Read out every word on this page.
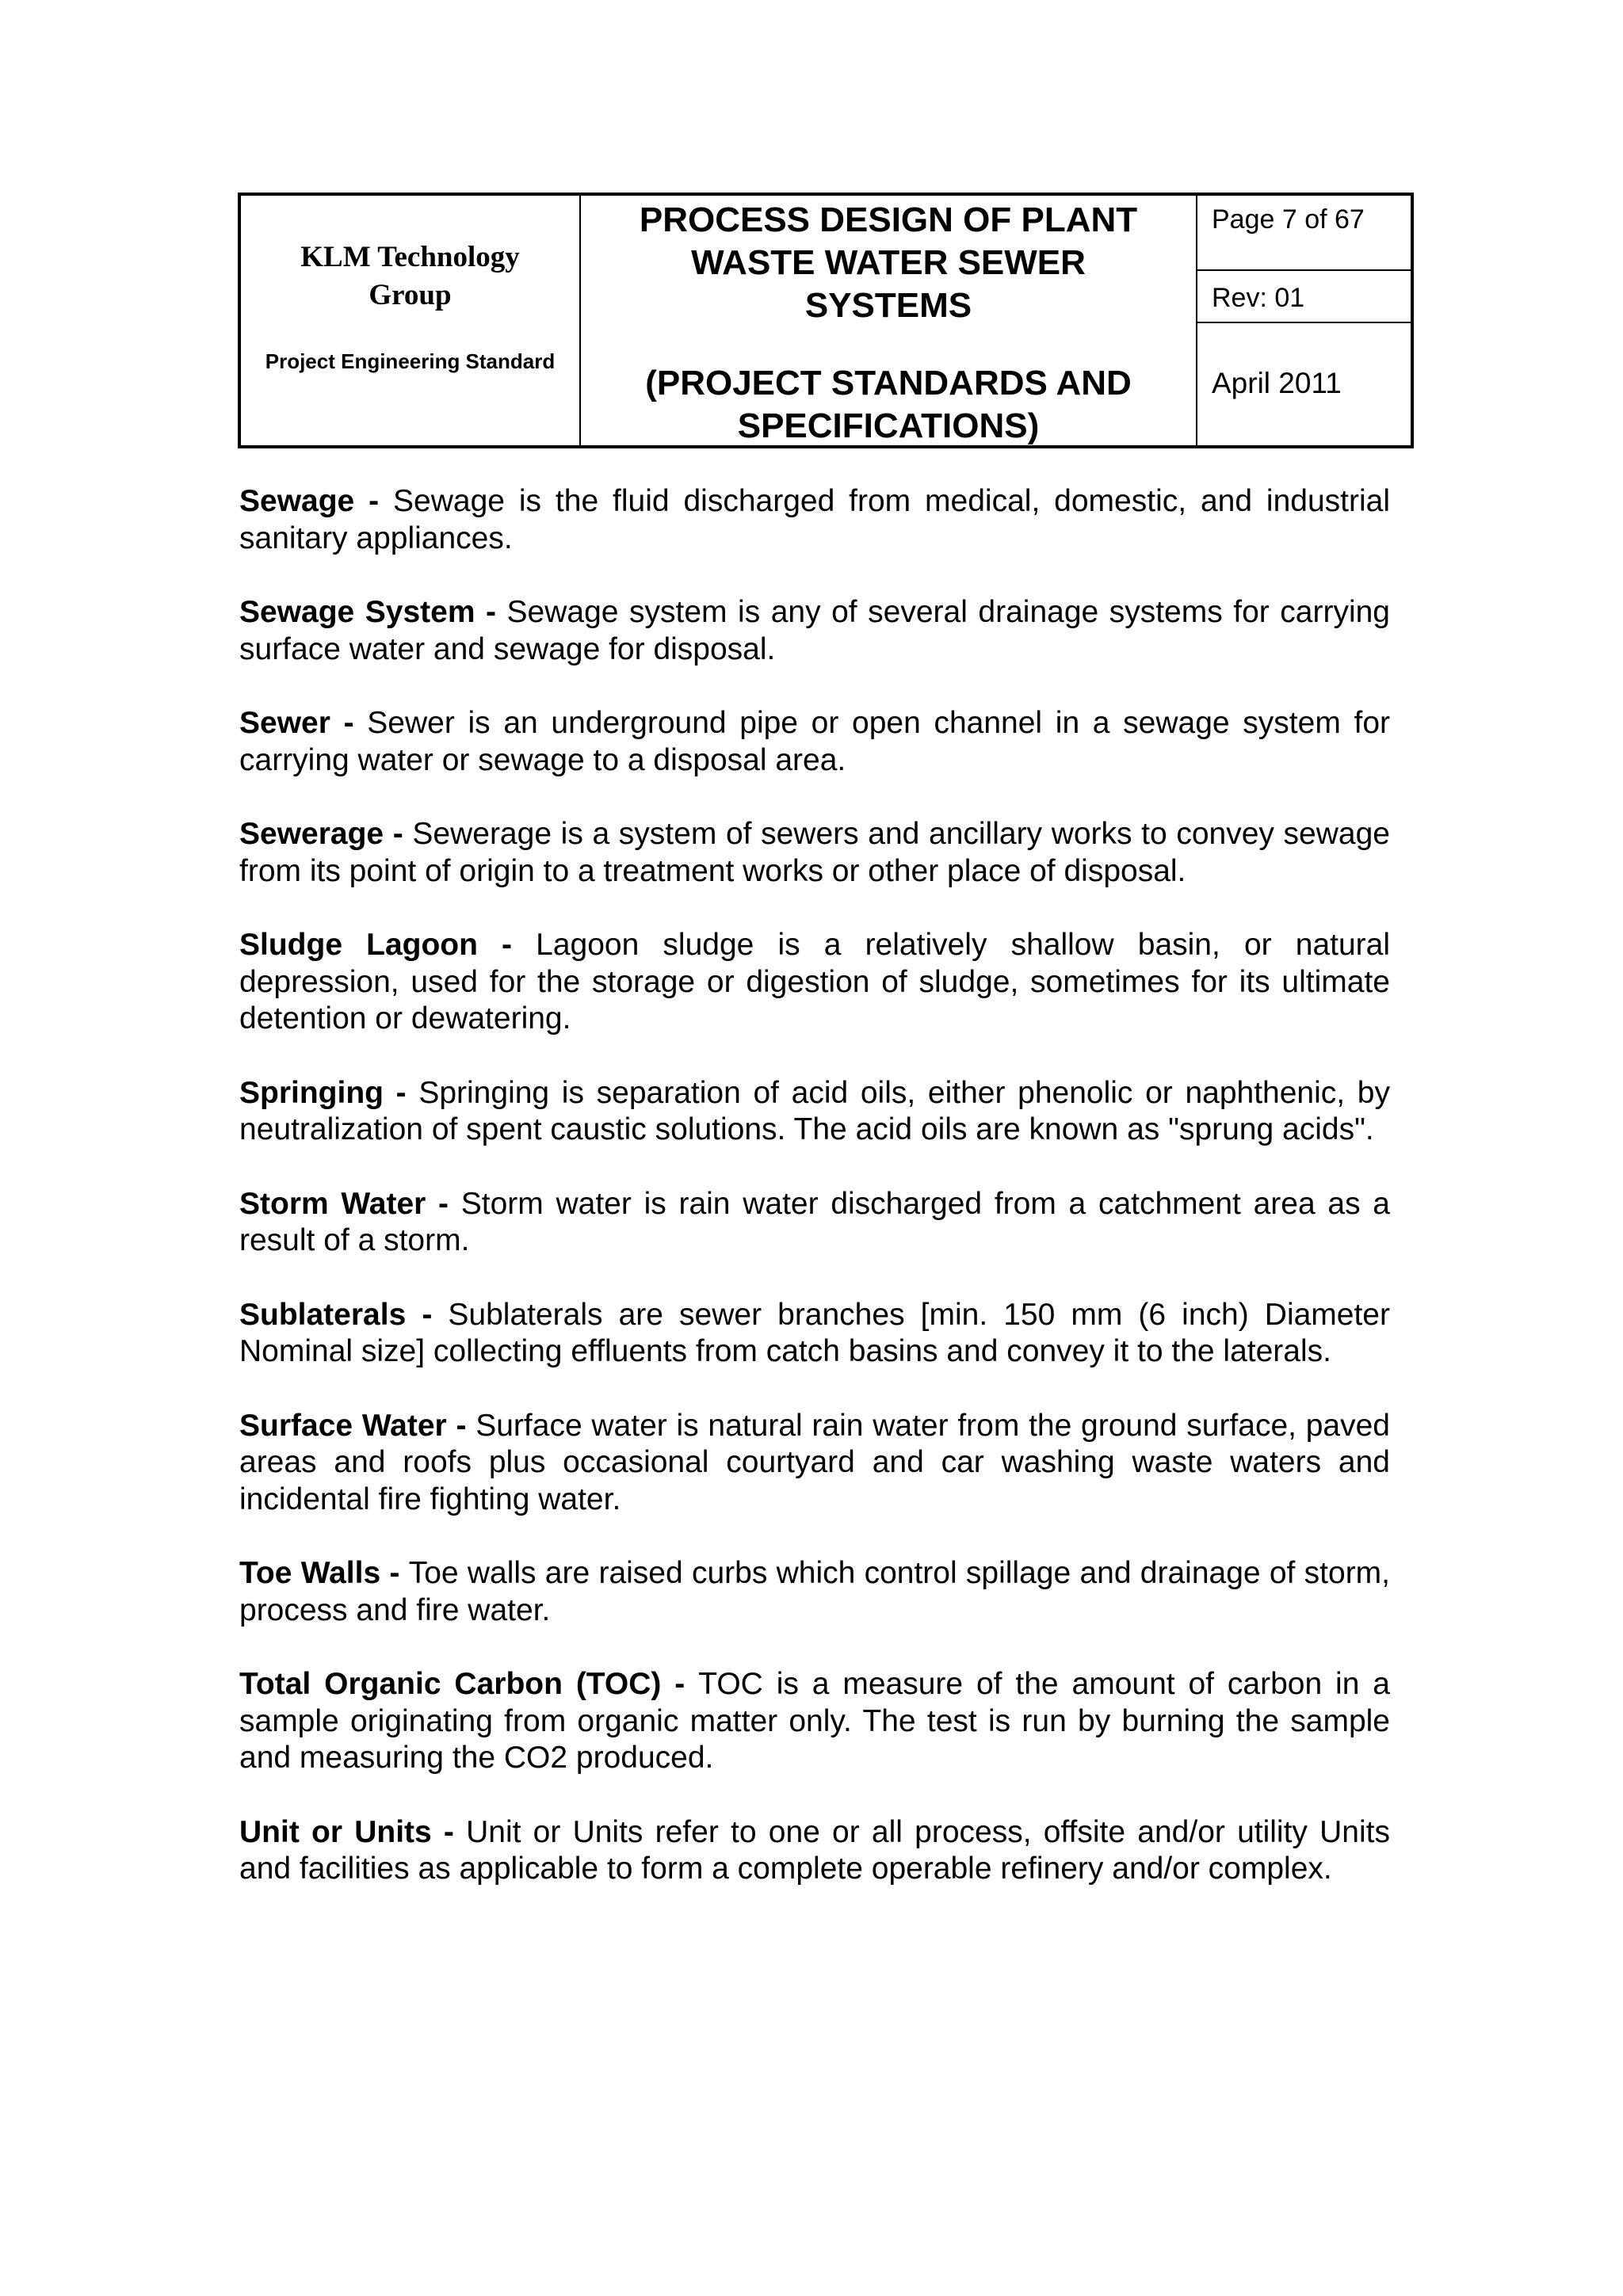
KLM Technology
Group
Project Engineering Standard
PROCESS DESIGN OF PLANT
WASTE WATER SEWER
SYSTEMS
(PROJECT STANDARDS AND
SPECIFICATIONS)
Page 7 of 67
Rev: 01
April 2011

Sewage - Sewage is the fluid discharged from medical, domestic, and industrial sanitary appliances.

Sewage System - Sewage system is any of several drainage systems for carrying surface water and sewage for disposal.

Sewer - Sewer is an underground pipe or open channel in a sewage system for carrying water or sewage to a disposal area.

Sewerage - Sewerage is a system of sewers and ancillary works to convey sewage from its point of origin to a treatment works or other place of disposal.

Sludge Lagoon - Lagoon sludge is a relatively shallow basin, or natural depression, used for the storage or digestion of sludge, sometimes for its ultimate detention or dewatering.

Springing - Springing is separation of acid oils, either phenolic or naphthenic, by neutralization of spent caustic solutions. The acid oils are known as "sprung acids".

Storm Water - Storm water is rain water discharged from a catchment area as a result of a storm.

Sublaterals - Sublaterals are sewer branches [min. 150 mm (6 inch) Diameter Nominal size] collecting effluents from catch basins and convey it to the laterals.

Surface Water - Surface water is natural rain water from the ground surface, paved areas and roofs plus occasional courtyard and car washing waste waters and incidental fire fighting water.

Toe Walls - Toe walls are raised curbs which control spillage and drainage of storm, process and fire water.

Total Organic Carbon (TOC) - TOC is a measure of the amount of carbon in a sample originating from organic matter only. The test is run by burning the sample and measuring the CO2 produced.

Unit or Units - Unit or Units refer to one or all process, offsite and/or utility Units and facilities as applicable to form a complete operable refinery and/or complex.
